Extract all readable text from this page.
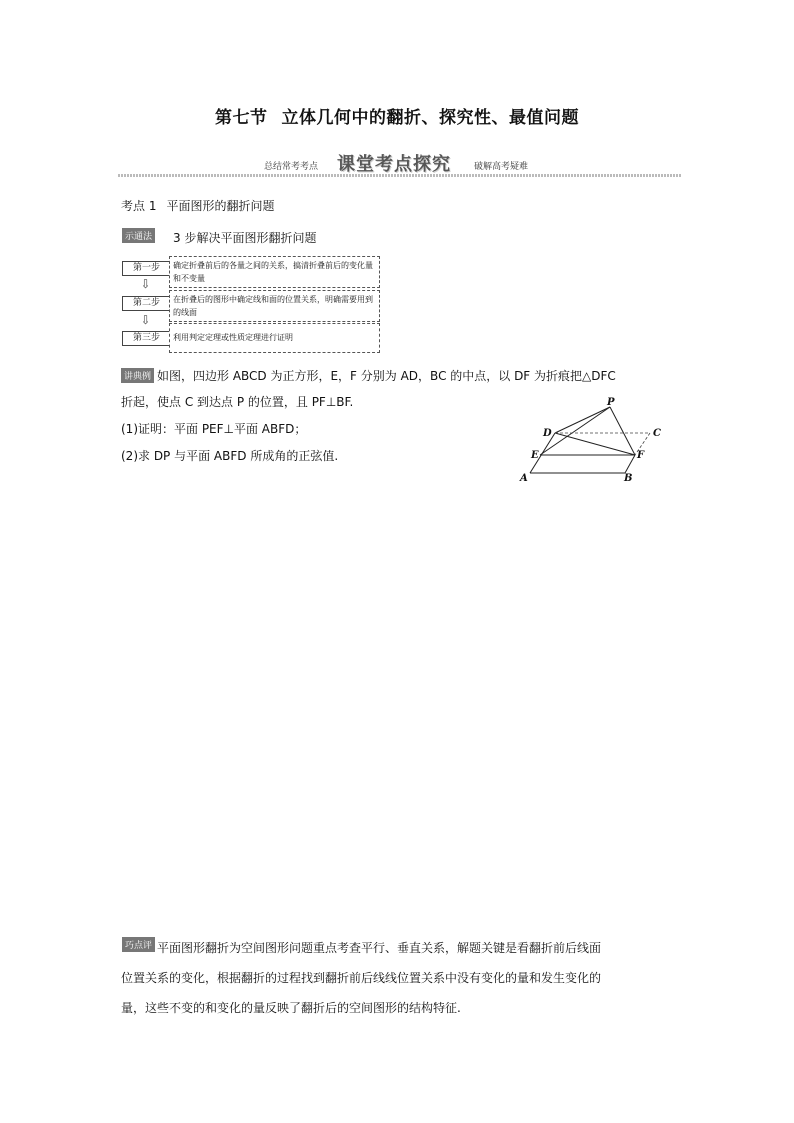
第七节 立体几何中的翻折、探究性、最值问题
总结常考考点 课堂考点探究	破解高考疑难
考点 1 平面图形的翻折问题
示通法 3 步解决平面图形翻折问题
第一步	确定折叠前后的各量之间的关系，搞清折叠前后的变化量和不变量
⇩
第二步	在折叠后的图形中确定线和面的位置关系，明确需要用到的线面
⇩
第三步	利用判定定理或性质定理进行证明
讲典例 如图，四边形 ABCD 为正方形，E，F 分别为 AD，BC 的中点，以 DF 为折痕把△DFC
折起，使点 C 到达点 P 的位置，且 PF⊥BF.
(1)证明：平面 PEF⊥平面 ABFD；
(2)求 DP 与平面 ABFD 所成角的正弦值.
P
D	C
E	F
A	B
巧点评 平面图形翻折为空间图形问题重点考查平行、垂直关系，解题关键是看翻折前后线面
位置关系的变化，根据翻折的过程找到翻折前后线线位置关系中没有变化的量和发生变化的
量，这些不变的和变化的量反映了翻折后的空间图形的结构特征.
